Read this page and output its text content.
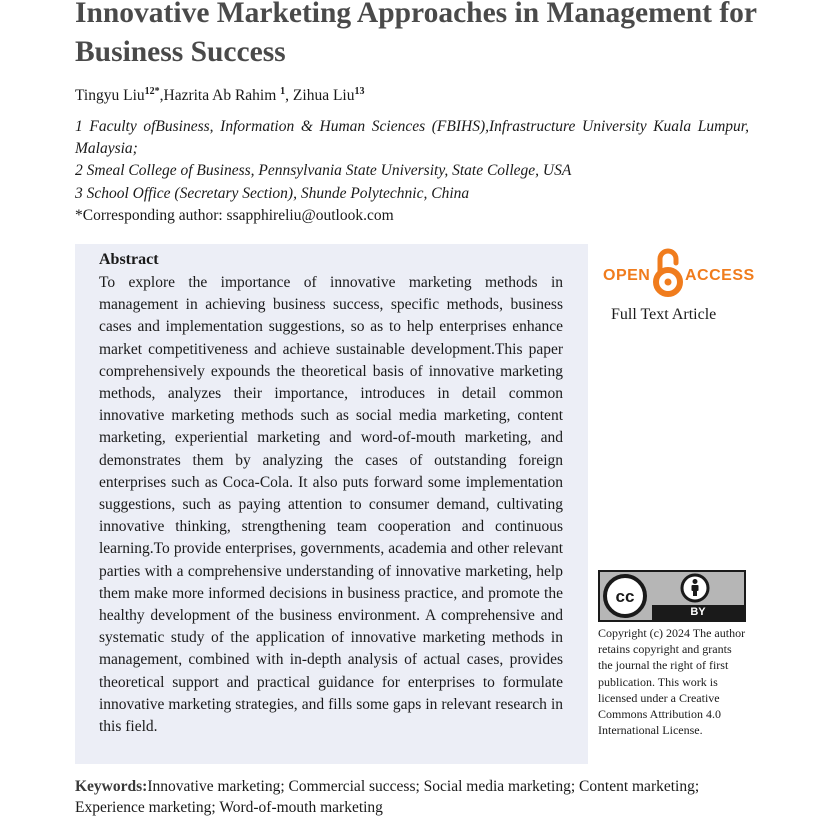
Innovative Marketing Approaches in Management for Business Success
Tingyu Liu$^{12*}$,Hazrita Ab Rahim $^1$, Zihua Liu$^{13}$

1 Faculty ofBusiness, Information & Human Sciences (FBIHS),Infrastructure University Kuala Lumpur, Malaysia;

2 Smeal College of Business, Pennsylvania State University, State College, USA

3 School Office (Secretary Section), Shunde Polytechnic, China

*Corresponding author: ssapphireliu@outlook.com

Abstract

To explore the importance of innovative marketing methods in management in achieving business success, specific methods, business cases and implementation suggestions, so as to help enterprises enhance market competitiveness and achieve sustainable development.This paper comprehensively expounds the theoretical basis of innovative marketing methods, analyzes their importance, introduces in detail common innovative marketing methods such as social media marketing, content marketing, experiential marketing and word-of-mouth marketing, and demonstrates them by analyzing the cases of outstanding foreign enterprises such as Coca-Cola. It also puts forward some implementation suggestions, such as paying attention to consumer demand, cultivating innovative thinking, strengthening team cooperation and continuous learning.To provide enterprises, governments, academia and other relevant parties with a comprehensive understanding of innovative marketing, help them make more informed decisions in business practice, and promote the healthy development of the business environment. A comprehensive and systematic study of the application of innovative marketing methods in management, combined with in-depth analysis of actual cases, provides theoretical support and practical guidance for enterprises to formulate innovative marketing strategies, and fills some gaps in relevant research in this field.

OPEN ACCESS
Full Text Article
cc
BY

Copyright (c) 2024 The author retains copyright and grants the journal the right of first publication. This work is licensed under a Creative Commons Attribution 4.0 International License.

Keywords:Innovative marketing; Commercial success; Social media marketing; Content marketing; Experience marketing; Word-of-mouth marketing
